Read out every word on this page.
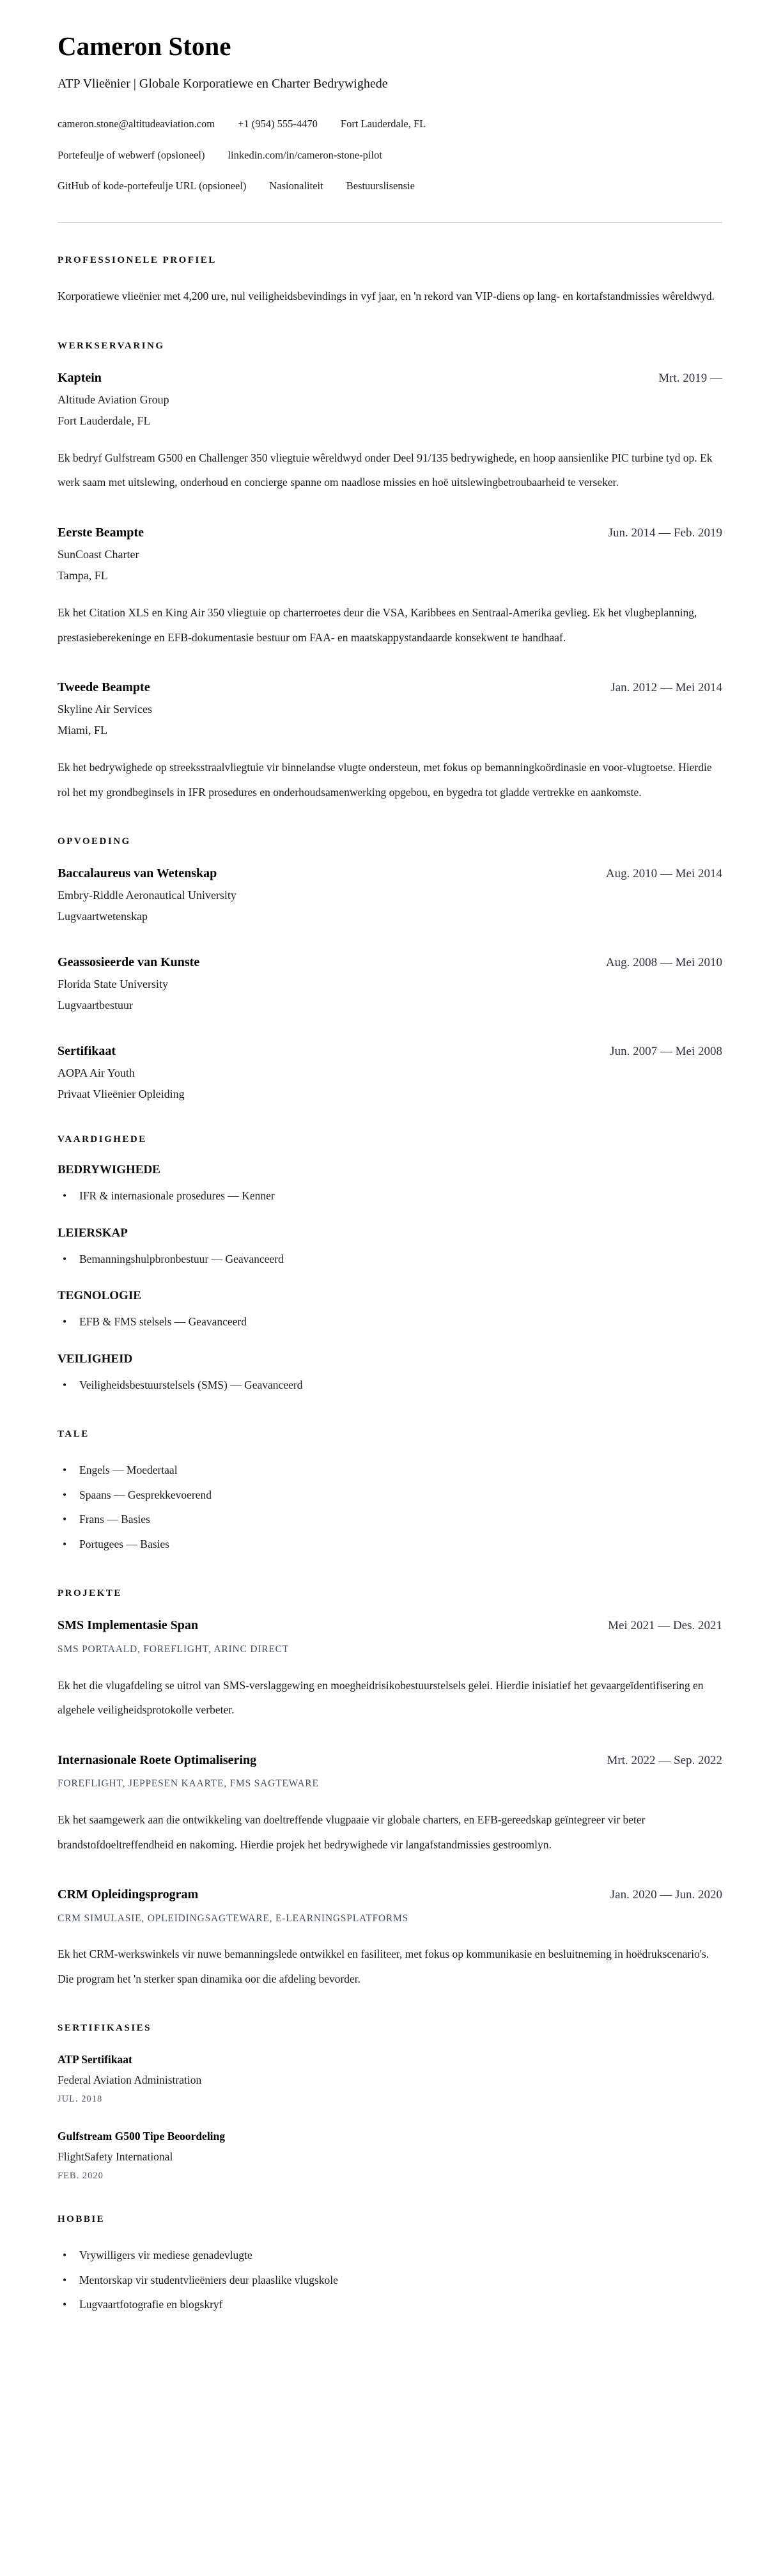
Cameron Stone

ATP Vlieënier | Globale Korporatiewe en Charter Bedrywighede

cameron.stone@altitudeaviation.com +1 (954) 555-4470 Fort Lauderdale, FL
Portefeulje of webwerf (opsioneel) linkedin.com/in/cameron-stone-pilot
GitHub of kode-portefeulje URL (opsioneel) Nasionaliteit Bestuurslisensie
PROFESSIONELE PROFIEL

Korporatiewe vlieënier met 4,200 ure, nul veiligheidsbevindings in vyf jaar, en 'n rekord van VIP-diens op lang- en kortafstandmissies wêreldwyd.

WERKSERVARING
Kaptein	Mrt. 2019 —

Altitude Aviation Group

Fort Lauderdale, FL

Ek bedryf Gulfstream G500 en Challenger 350 vliegtuie wêreldwyd onder Deel 91/135 bedrywighede, en hoop aansienlike PIC turbine tyd op. Ek werk saam met uitslewing, onderhoud en concierge spanne om naadlose missies en hoë uitslewingbetroubaarheid te verseker.

Eerste Beampte	Jun. 2014 — Feb. 2019

SunCoast Charter

Tampa, FL

Ek het Citation XLS en King Air 350 vliegtuie op charterroetes deur die VSA, Karibbees en Sentraal-Amerika gevlieg. Ek het vlugbeplanning, prestasieberekeninge en EFB-dokumentasie bestuur om FAA- en maatskappystandaarde konsekwent te handhaaf.

Tweede Beampte	Jan. 2012 — Mei 2014

Skyline Air Services

Miami, FL

Ek het bedrywighede op streeksstraalvliegtuie vir binnelandse vlugte ondersteun, met fokus op bemanningkoördinasie en voor-vlugtoetse. Hierdie rol het my grondbeginsels in IFR prosedures en onderhoudsamenwerking opgebou, en bygedra tot gladde vertrekke en aankomste.

OPVOEDING
Baccalaureus van Wetenskap	Aug. 2010 — Mei 2014

Embry-Riddle Aeronautical University

Lugvaartwetenskap

Geassosieerde van Kunste	Aug. 2008 — Mei 2010

Florida State University

Lugvaartbestuur

Sertifikaat	Jun. 2007 — Mei 2008

AOPA Air Youth

Privaat Vlieënier Opleiding

VAARDIGHEDE
BEDRYWIGHEDE
• IFR & internasionale prosedures — Kenner
LEIERSKAP
• Bemanningshulpbronbestuur — Geavanceerd
TEGNOLOGIE
• EFB & FMS stelsels — Geavanceerd
VEILIGHEID
• Veiligheidsbestuurstelsels (SMS) — Geavanceerd
TALE
• Engels — Moedertaal
• Spaans — Gesprekkevoerend
• Frans — Basies
• Portugees — Basies
PROJEKTE
SMS Implementasie Span	Mei 2021 — Des. 2021

SMS PORTAALD, FOREFLIGHT, ARINC DIRECT

Ek het die vlugafdeling se uitrol van SMS-verslaggewing en moegheidrisikobestuurstelsels gelei. Hierdie inisiatief het gevaargeïdentifisering en algehele veiligheidsprotokolle verbeter.

Internasionale Roete Optimalisering	Mrt. 2022 — Sep. 2022

FOREFLIGHT, JEPPESEN KAARTE, FMS SAGTEWARE

Ek het saamgewerk aan die ontwikkeling van doeltreffende vlugpaaie vir globale charters, en EFB-gereedskap geïntegreer vir beter brandstofdoeltreffendheid en nakoming. Hierdie projek het bedrywighede vir langafstandmissies gestroomlyn.

CRM Opleidingsprogram	Jan. 2020 — Jun. 2020

CRM SIMULASIE, OPLEIDINGSAGTEWARE, E-LEARNINGSPLATFORMS

Ek het CRM-werkswinkels vir nuwe bemanningslede ontwikkel en fasiliteer, met fokus op kommunikasie en besluitneming in hoëdrukscenario's. Die program het 'n sterker span dinamika oor die afdeling bevorder.

SERTIFIKASIES

ATP Sertifikaat

Federal Aviation Administration

JUL. 2018

Gulfstream G500 Tipe Beoordeling

FlightSafety International

FEB. 2020

HOBBIE
• Vrywilligers vir mediese genadevlugte
• Mentorskap vir studentvlieëniers deur plaaslike vlugskole
• Lugvaartfotografie en blogskryf
